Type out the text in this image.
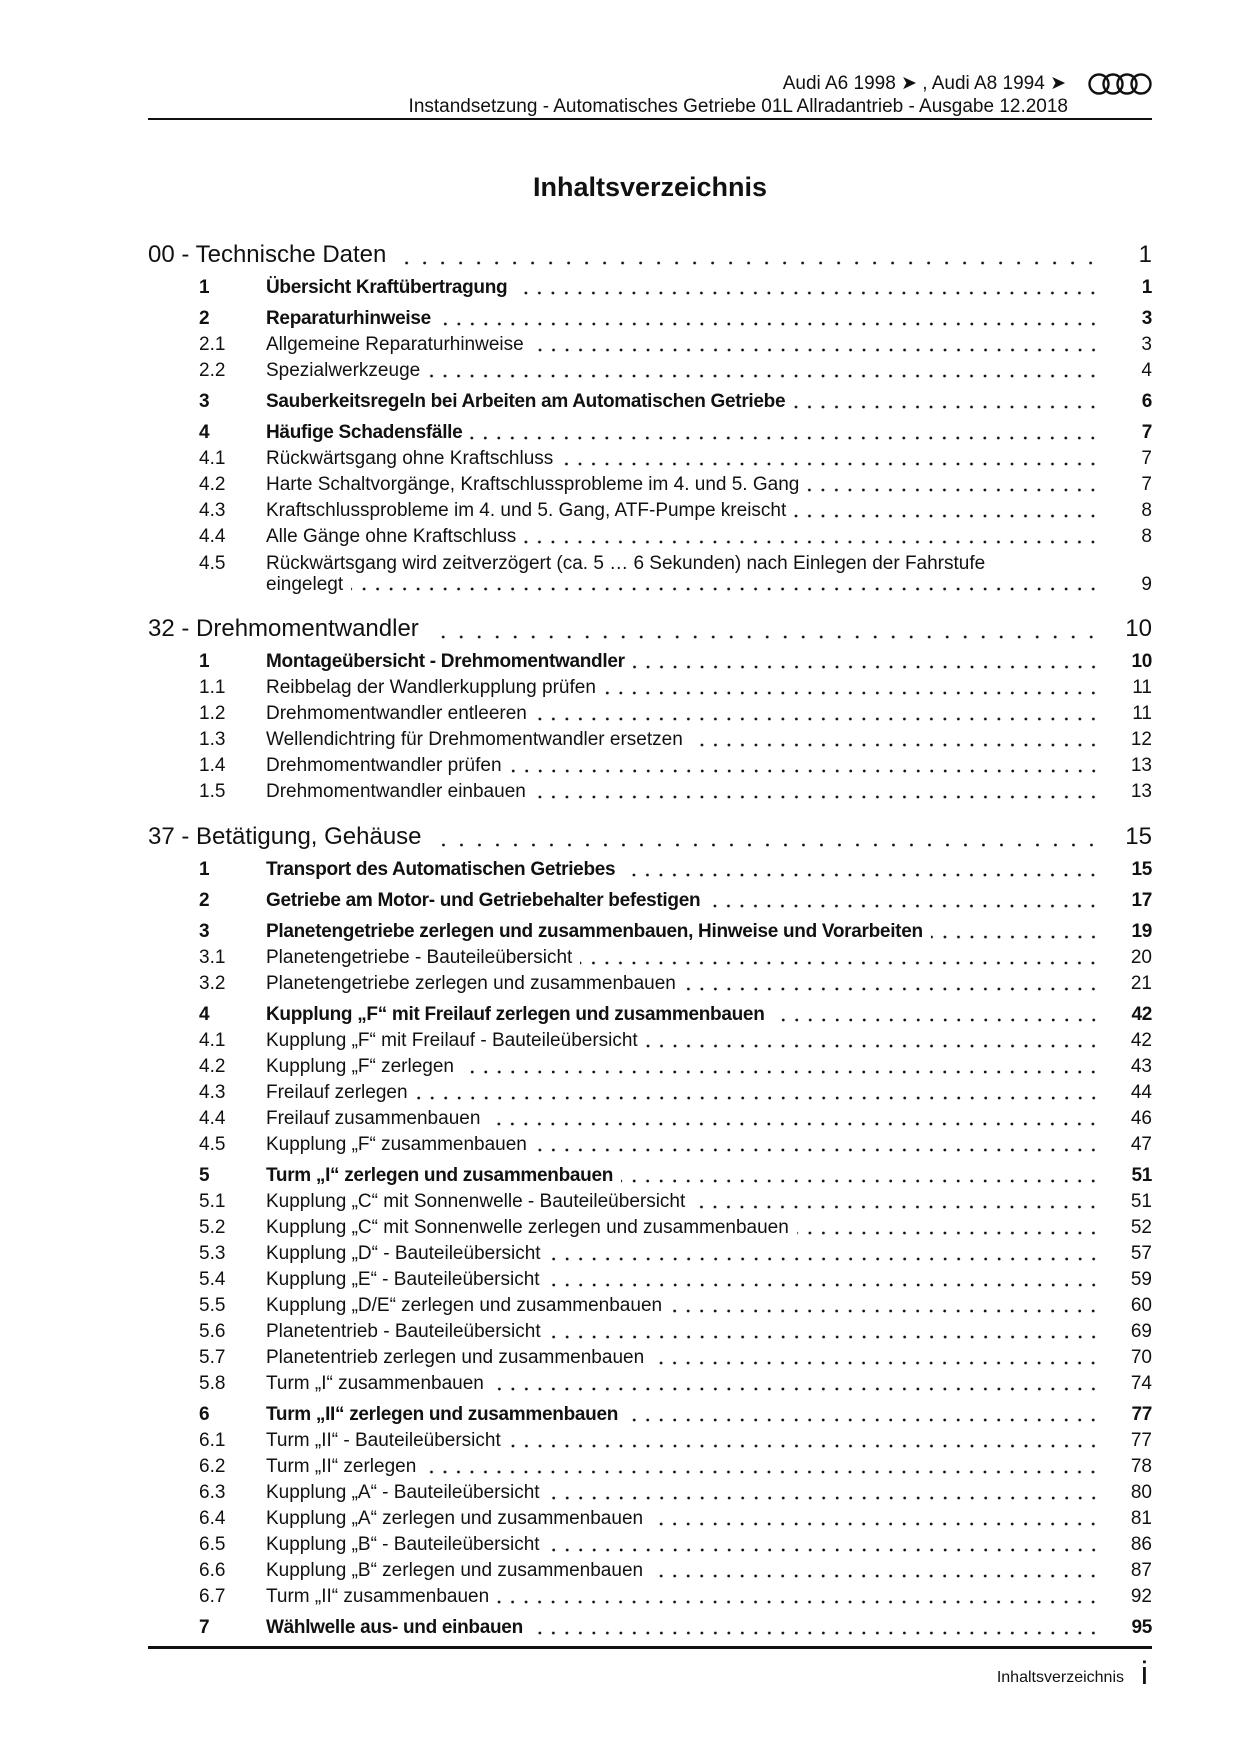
Audi A6 1998 ➤ , Audi A8 1994 ➤
Instandsetzung - Automatisches Getriebe 01L Allradantrieb - Ausgabe 12.2018
Inhaltsverzeichnis
00 - Technische Daten	1
1	Übersicht Kraftübertragung	1
2	Reparaturhinweise	3
2.1	Allgemeine Reparaturhinweise	3
2.2	Spezialwerkzeuge	4
3	Sauberkeitsregeln bei Arbeiten am Automatischen Getriebe	6
4	Häufige Schadensfälle	7
4.1	Rückwärtsgang ohne Kraftschluss	7
4.2	Harte Schaltvorgänge, Kraftschlussprobleme im 4. und 5. Gang	7
4.3	Kraftschlussprobleme im 4. und 5. Gang, ATF-Pumpe kreischt	8
4.4	Alle Gänge ohne Kraftschluss	8
4.5	Rückwärtsgang wird zeitverzögert (ca. 5 … 6 Sekunden) nach Einlegen der Fahrstufe
eingelegt	9
32 - Drehmomentwandler	10
1	Montageübersicht - Drehmomentwandler	10
1.1	Reibbelag der Wandlerkupplung prüfen	11
1.2	Drehmomentwandler entleeren	11
1.3	Wellendichtring für Drehmomentwandler ersetzen	12
1.4	Drehmomentwandler prüfen	13
1.5	Drehmomentwandler einbauen	13
37 - Betätigung, Gehäuse	15
1	Transport des Automatischen Getriebes	15
2	Getriebe am Motor- und Getriebehalter befestigen	17
3	Planetengetriebe zerlegen und zusammenbauen, Hinweise und Vorarbeiten	19
3.1	Planetengetriebe - Bauteileübersicht	20
3.2	Planetengetriebe zerlegen und zusammenbauen	21
4	Kupplung „F“ mit Freilauf zerlegen und zusammenbauen	42
4.1	Kupplung „F“ mit Freilauf - Bauteileübersicht	42
4.2	Kupplung „F“ zerlegen	43
4.3	Freilauf zerlegen	44
4.4	Freilauf zusammenbauen	46
4.5	Kupplung „F“ zusammenbauen	47
5	Turm „I“ zerlegen und zusammenbauen	51
5.1	Kupplung „C“ mit Sonnenwelle - Bauteileübersicht	51
5.2	Kupplung „C“ mit Sonnenwelle zerlegen und zusammenbauen	52
5.3	Kupplung „D“ - Bauteileübersicht	57
5.4	Kupplung „E“ - Bauteileübersicht	59
5.5	Kupplung „D/E“ zerlegen und zusammenbauen	60
5.6	Planetentrieb - Bauteileübersicht	69
5.7	Planetentrieb zerlegen und zusammenbauen	70
5.8	Turm „I“ zusammenbauen	74
6	Turm „II“ zerlegen und zusammenbauen	77
6.1	Turm „II“ - Bauteileübersicht	77
6.2	Turm „II“ zerlegen	78
6.3	Kupplung „A“ - Bauteileübersicht	80
6.4	Kupplung „A“ zerlegen und zusammenbauen	81
6.5	Kupplung „B“ - Bauteileübersicht	86
6.6	Kupplung „B“ zerlegen und zusammenbauen	87
6.7	Turm „II“ zusammenbauen	92
7	Wählwelle aus- und einbauen	95
Inhaltsverzeichnis i
